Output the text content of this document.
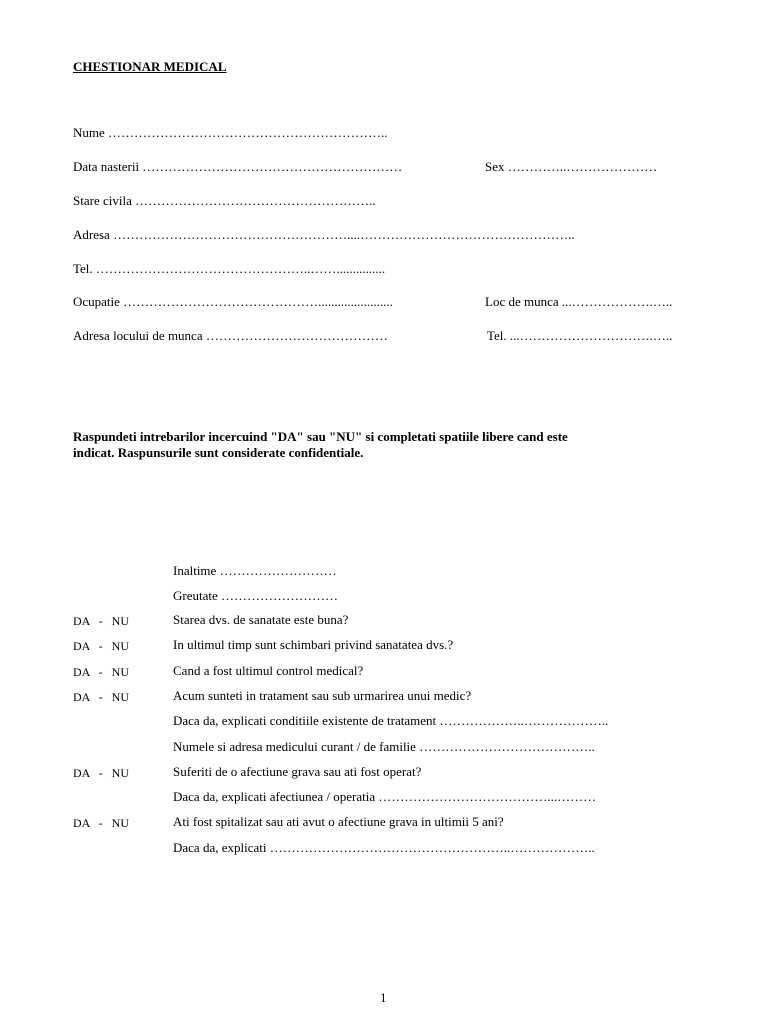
CHESTIONAR MEDICAL
Nume ………………………………………………………..
Data nasterii ……………………………………………………	Sex …………..…………………
Stare civila ………………………………………………..
Adresa ………………………………………………....…………………………………………..
Tel. …………………………………………..……...............
Ocupatie ……………………………………….......................	Loc de munca ...……………….…..
Adresa locului de munca ……………………………………	Tel. ...………………………….…..
Raspundeti intrebarilor incercuind "DA" sau "NU" si completati spatiile libere cand este
indicat. Raspunsurile sunt considerate confidentiale.
Inaltime ………………………
Greutate ………………………
DA   -   NU	Starea dvs. de sanatate este buna?
DA   -   NU	In ultimul timp sunt schimbari privind sanatatea dvs.?
DA   -   NU	Cand a fost ultimul control medical?
DA   -   NU	Acum sunteti in tratament sau sub urmarirea unui medic?
Daca da, explicati conditiile existente de tratament ………………..………………..
Numele si adresa medicului curant / de familie …………………………………..
DA   -   NU	Suferiti de o afectiune grava sau ati fost operat?
Daca da, explicati afectiunea / operatia …………………………………...………
DA   -   NU	Ati fost spitalizat sau ati avut o afectiune grava in ultimii 5 ani?
Daca da, explicati ………………………………………………..………………..
1
